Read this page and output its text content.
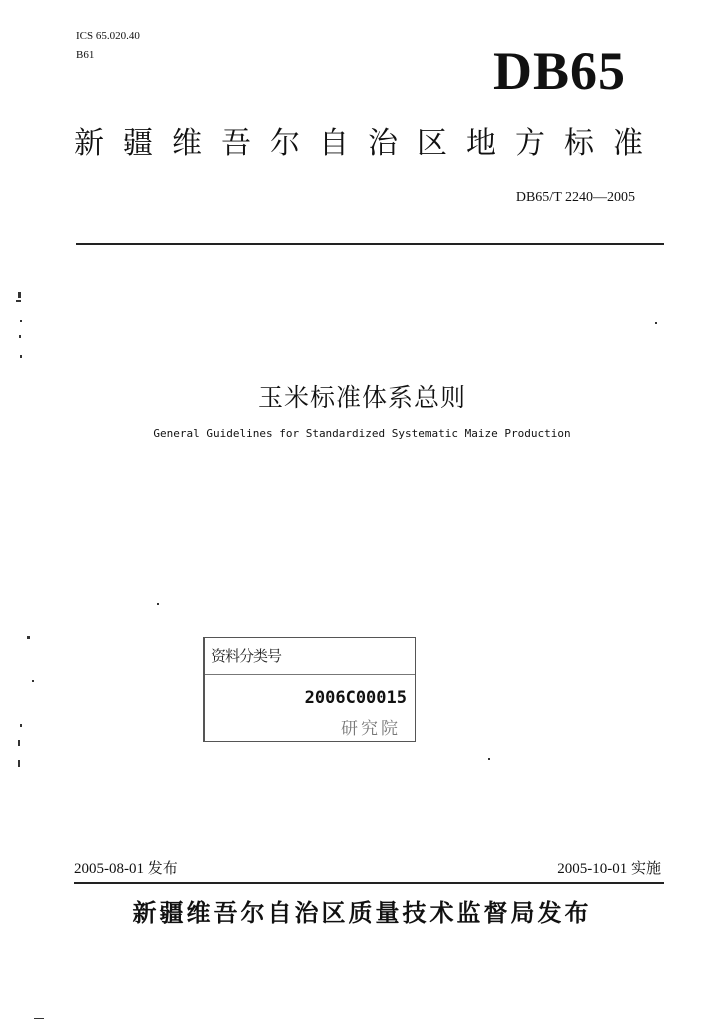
ICS 65.020.40
B61	DB65
新疆维吾尔自治区地方标准
DB65/T 2240—2005
玉米标准体系总则
General Guidelines for Standardized Systematic Maize Production
资料分类号
2006C00015
研究院
2005-08-01 发布	2005-10-01 实施
新疆维吾尔自治区质量技术监督局发布
